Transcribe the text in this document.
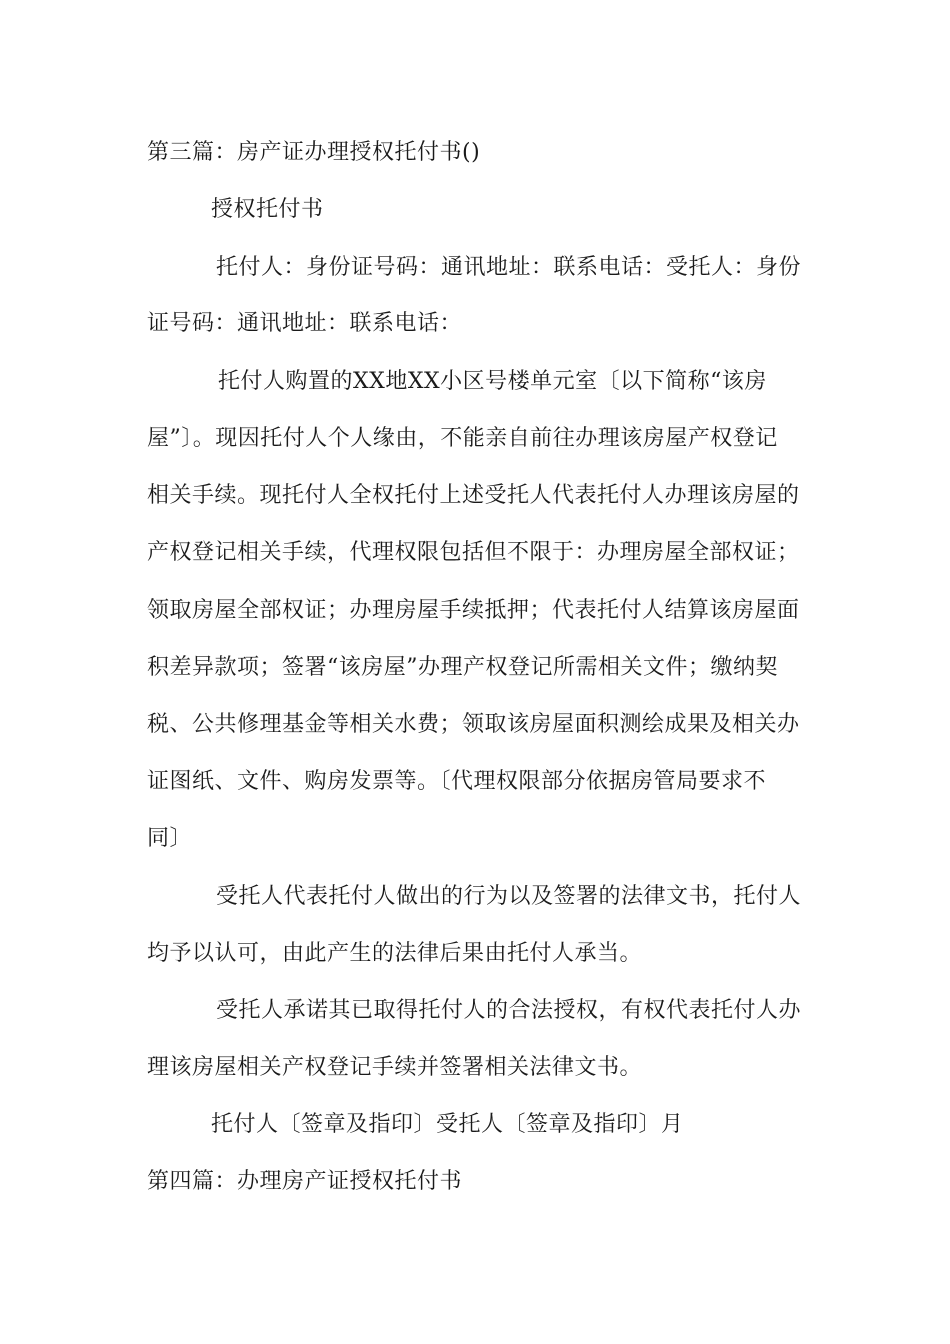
第三篇：房产证办理授权托付书()
授权托付书
托付人：身份证号码：通讯地址：联系电话：受托人：身份
证号码：通讯地址：联系电话：
托付人购置的XX地XX小区号楼单元室〔以下简称“该房
屋”〕。现因托付人个人缘由，不能亲自前往办理该房屋产权登记
相关手续。现托付人全权托付上述受托人代表托付人办理该房屋的
产权登记相关手续，代理权限包括但不限于：办理房屋全部权证；
领取房屋全部权证；办理房屋手续抵押；代表托付人结算该房屋面
积差异款项；签署“该房屋”办理产权登记所需相关文件；缴纳契
税、公共修理基金等相关水费；领取该房屋面积测绘成果及相关办
证图纸、文件、购房发票等。〔代理权限部分依据房管局要求不
同〕
受托人代表托付人做出的行为以及签署的法律文书，托付人
均予以认可，由此产生的法律后果由托付人承当。
受托人承诺其已取得托付人的合法授权，有权代表托付人办
理该房屋相关产权登记手续并签署相关法律文书。
托付人〔签章及指印〕受托人〔签章及指印〕月
第四篇：办理房产证授权托付书
